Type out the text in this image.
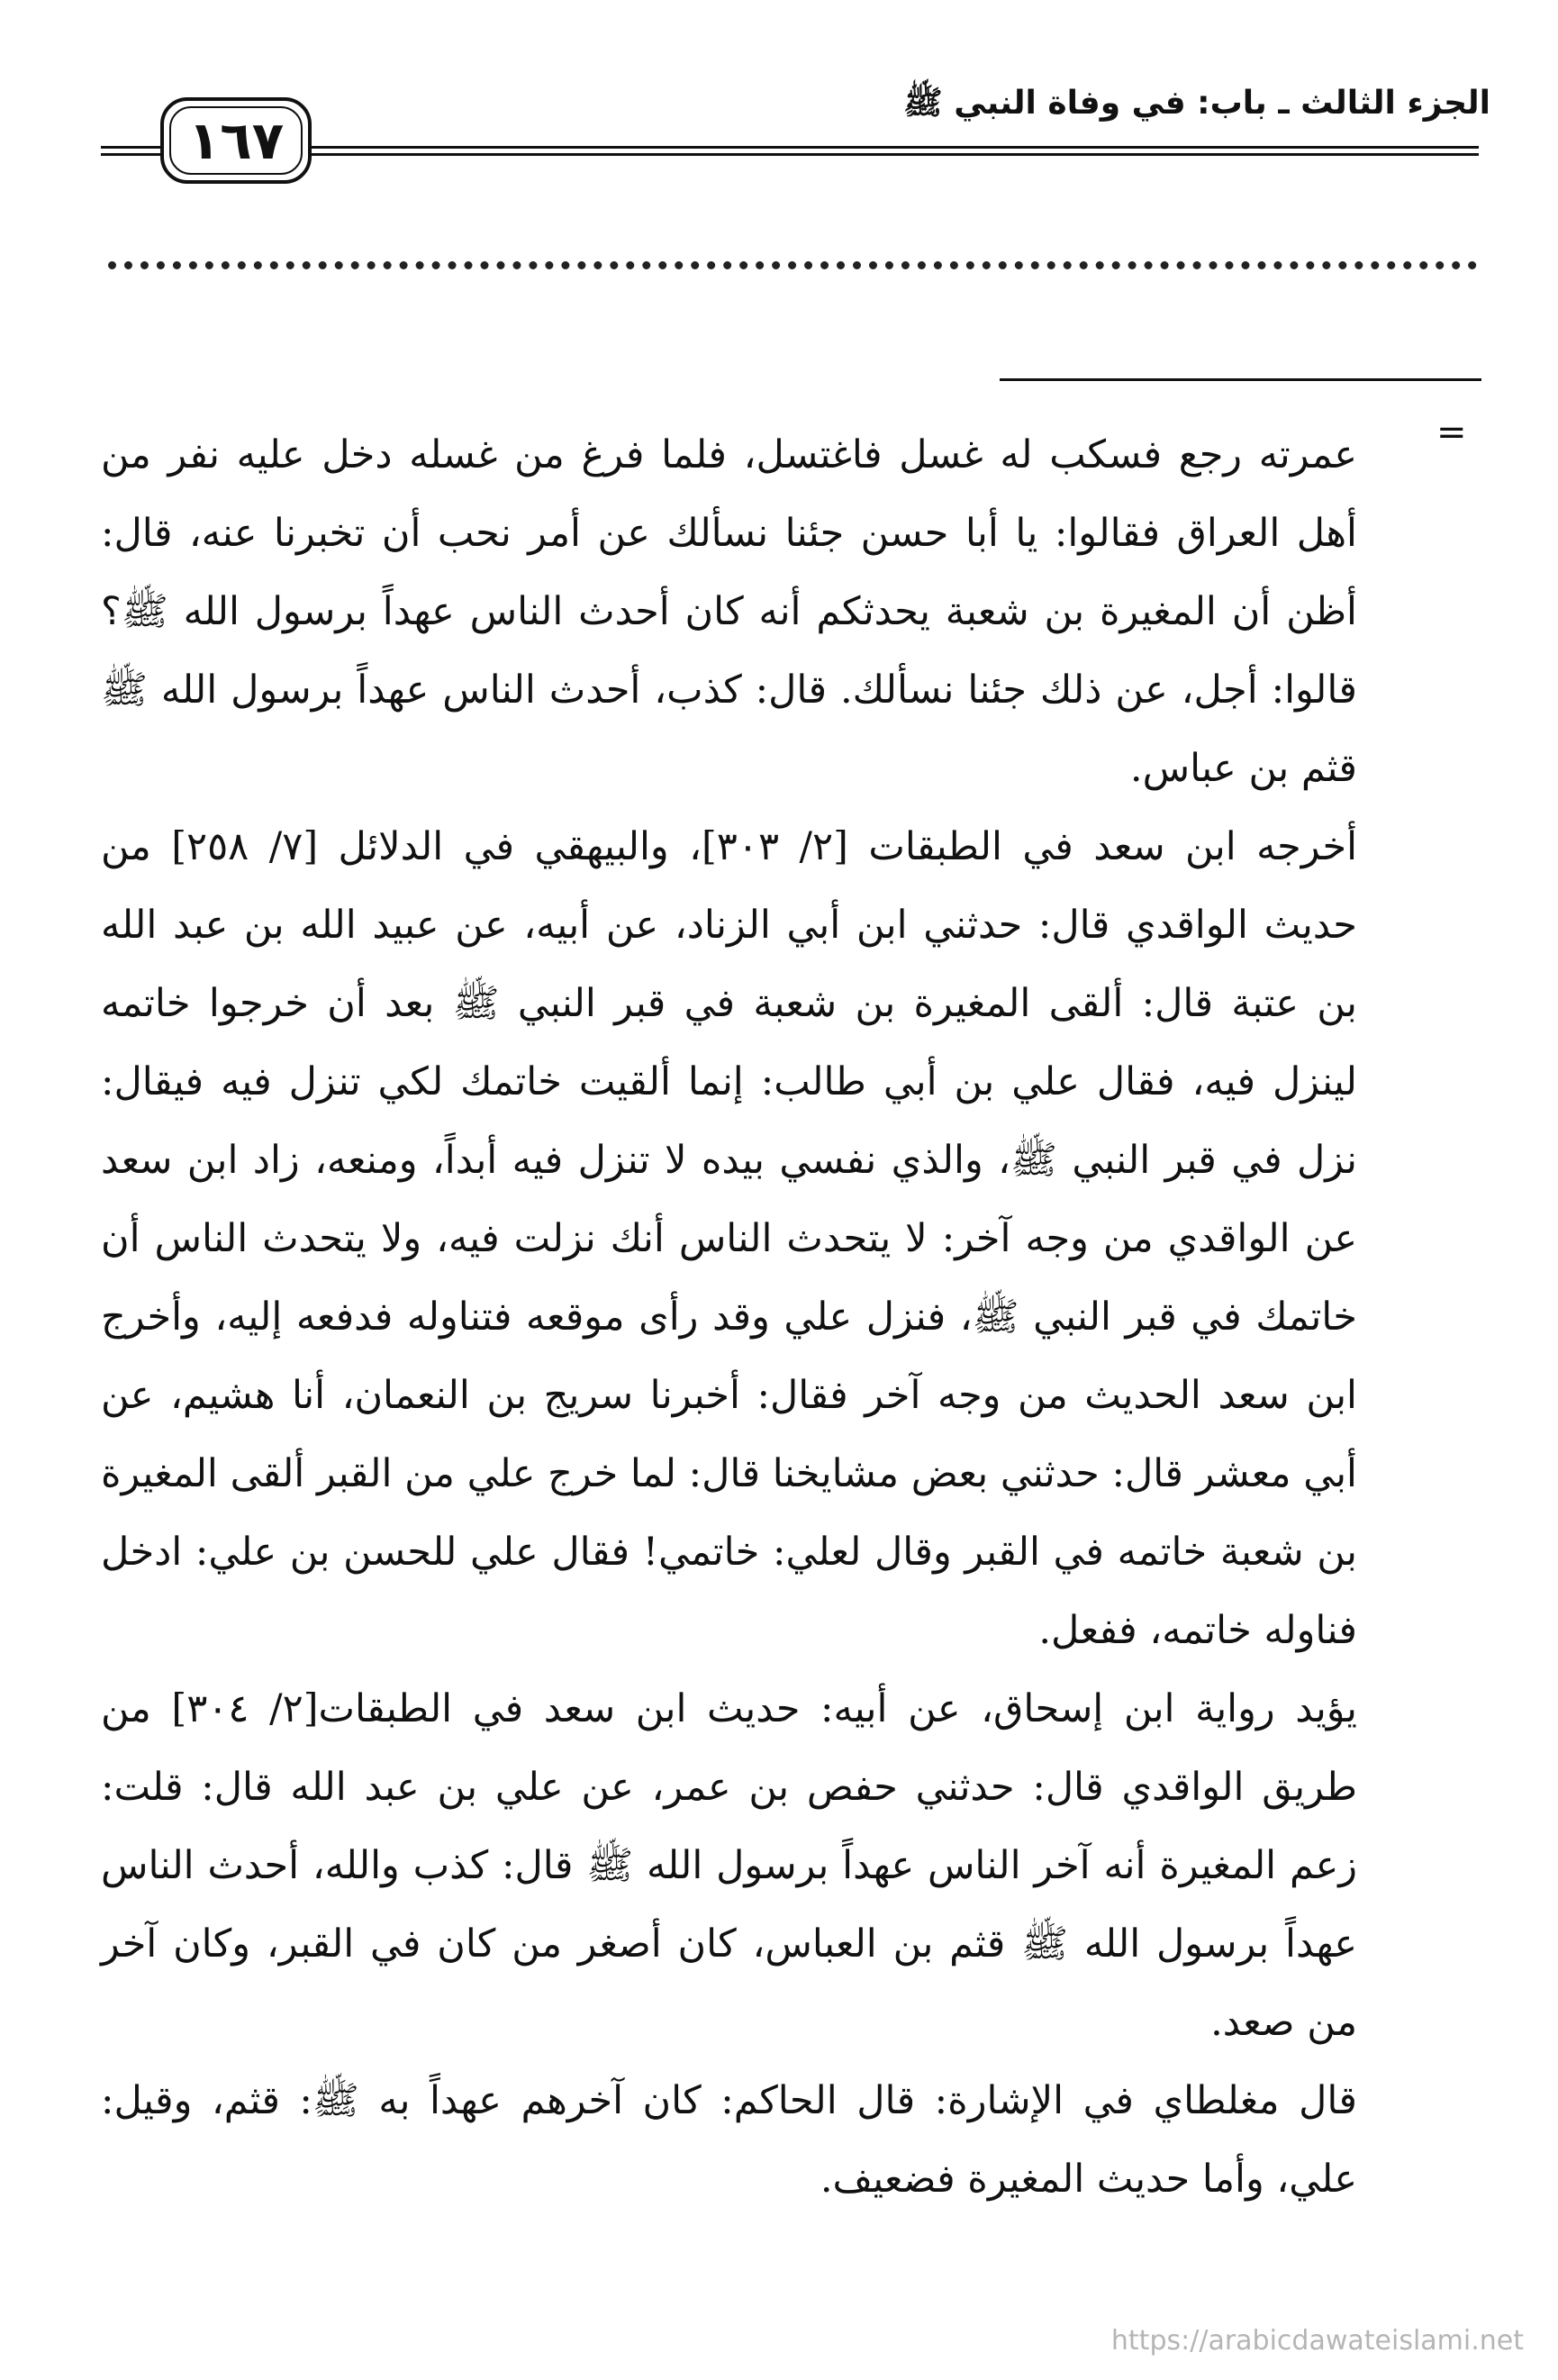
الجزء الثالث ـ باب: في وفاة النبي ﷺ
١٦٧
=

عمرته رجع فسكب له غسل فاغتسل، فلما فرغ من غسله دخل عليه نفر من أهل العراق فقالوا: يا أبا حسن جئنا نسألك عن أمر نحب أن تخبرنا عنه، قال: أظن أن المغيرة بن شعبة يحدثكم أنه كان أحدث الناس عهداً برسول الله ﷺ؟ قالوا: أجل، عن ذلك جئنا نسألك. قال: كذب، أحدث الناس عهداً برسول الله ﷺ قثم بن عباس.

أخرجه ابن سعد في الطبقات [٢/ ٣٠٣]، والبيهقي في الدلائل [٧/ ٢٥٨] من حديث الواقدي قال: حدثني ابن أبي الزناد، عن أبيه، عن عبيد الله بن عبد الله بن عتبة قال: ألقى المغيرة بن شعبة في قبر النبي ﷺ بعد أن خرجوا خاتمه لينزل فيه، فقال علي بن أبي طالب: إنما ألقيت خاتمك لكي تنزل فيه فيقال: نزل في قبر النبي ﷺ، والذي نفسي بيده لا تنزل فيه أبداً، ومنعه، زاد ابن سعد عن الواقدي من وجه آخر: لا يتحدث الناس أنك نزلت فيه، ولا يتحدث الناس أن خاتمك في قبر النبي ﷺ، فنزل علي وقد رأى موقعه فتناوله فدفعه إليه، وأخرج ابن سعد الحديث من وجه آخر فقال: أخبرنا سريج بن النعمان، أنا هشيم، عن أبي معشر قال: حدثني بعض مشايخنا قال: لما خرج علي من القبر ألقى المغيرة بن شعبة خاتمه في القبر وقال لعلي: خاتمي! فقال علي للحسن بن علي: ادخل فناوله خاتمه، ففعل.

يؤيد رواية ابن إسحاق، عن أبيه: حديث ابن سعد في الطبقات[٢/ ٣٠٤] من طريق الواقدي قال: حدثني حفص بن عمر، عن علي بن عبد الله قال: قلت: زعم المغيرة أنه آخر الناس عهداً برسول الله ﷺ قال: كذب والله، أحدث الناس عهداً برسول الله ﷺ قثم بن العباس، كان أصغر من كان في القبر، وكان آخر من صعد.

قال مغلطاي في الإشارة: قال الحاكم: كان آخرهم عهداً به ﷺ: قثم، وقيل: علي، وأما حديث المغيرة فضعيف.

https://arabicdawateislami.net
